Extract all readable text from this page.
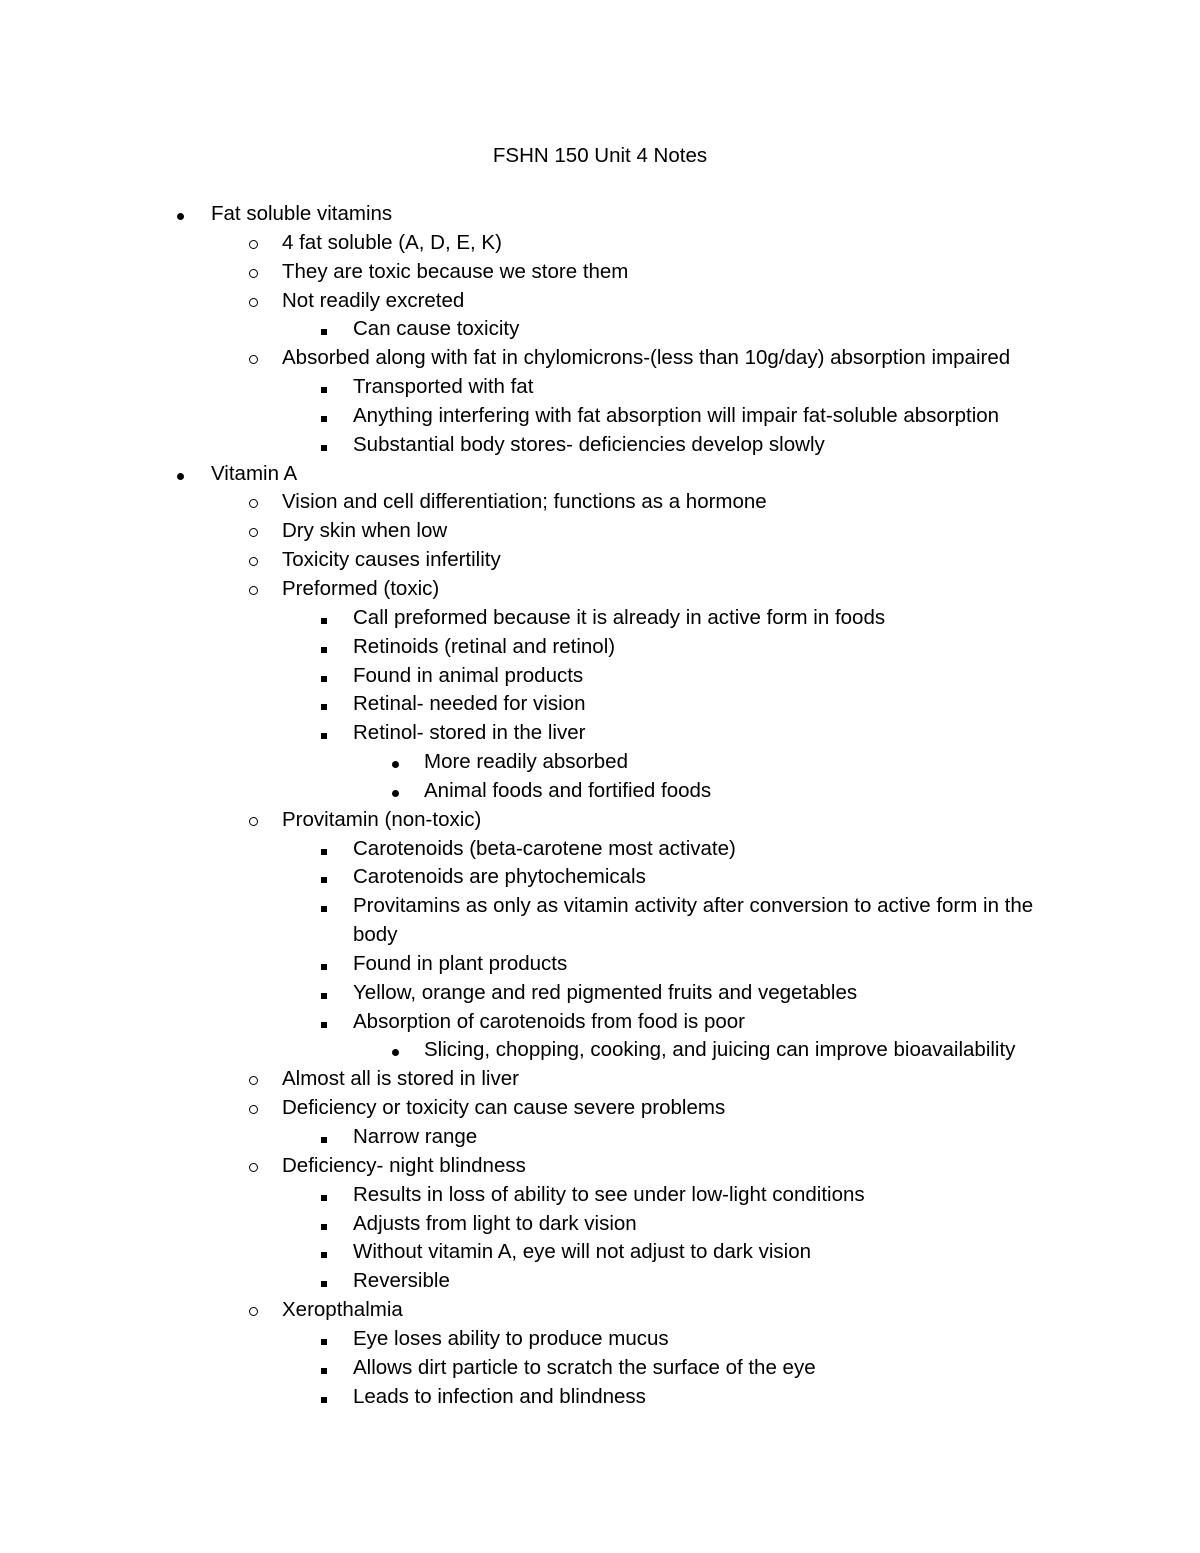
FSHN 150 Unit 4 Notes
Fat soluble vitamins
4 fat soluble (A, D, E, K)
They are toxic because we store them
Not readily excreted
Can cause toxicity
Absorbed along with fat in chylomicrons-(less than 10g/day) absorption impaired
Transported with fat
Anything interfering with fat absorption will impair fat-soluble absorption
Substantial body stores- deficiencies develop slowly
Vitamin A
Vision and cell differentiation; functions as a hormone
Dry skin when low
Toxicity causes infertility
Preformed (toxic)
Call preformed because it is already in active form in foods
Retinoids (retinal and retinol)
Found in animal products
Retinal- needed for vision
Retinol- stored in the liver
More readily absorbed
Animal foods and fortified foods
Provitamin (non-toxic)
Carotenoids (beta-carotene most activate)
Carotenoids are phytochemicals
Provitamins as only as vitamin activity after conversion to active form in the body
Found in plant products
Yellow, orange and red pigmented fruits and vegetables
Absorption of carotenoids from food is poor
Slicing, chopping, cooking, and juicing can improve bioavailability
Almost all is stored in liver
Deficiency or toxicity can cause severe problems
Narrow range
Deficiency- night blindness
Results in loss of ability to see under low-light conditions
Adjusts from light to dark vision
Without vitamin A, eye will not adjust to dark vision
Reversible
Xeropthalmia
Eye loses ability to produce mucus
Allows dirt particle to scratch the surface of the eye
Leads to infection and blindness
